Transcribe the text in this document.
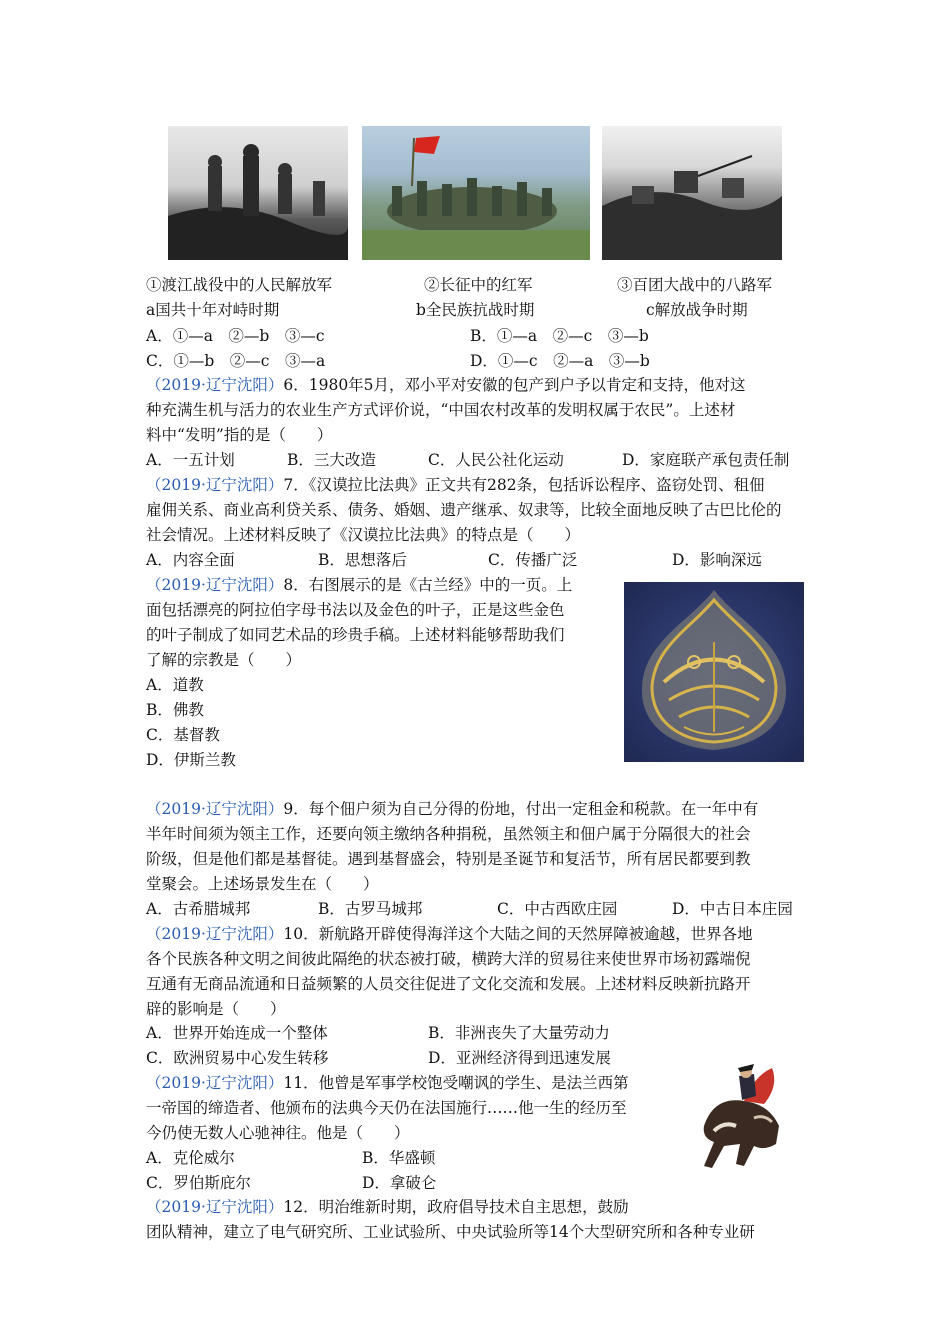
①渡江战役中的人民解放军	②长征中的红军	③百团大战中的八路军
a国共十年对峙时期	b全民族抗战时期	c解放战争时期
A．①—a　②—b　③—c	B．①—a　②—c　③—b
C．①—b　②—c　③—a	D．①—c　②—a　③—b
（2019·辽宁沈阳）6．1980年5月，邓小平对安徽的包产到户予以肯定和支持，他对这
种充满生机与活力的农业生产方式评价说，“中国农村改革的发明权属于农民”。上述材
料中“发明”指的是（　　）
A．一五计划	B．三大改造	C．人民公社化运动	D．家庭联产承包责任制
（2019·辽宁沈阳）7．《汉谟拉比法典》正文共有282条，包括诉讼程序、盗窃处罚、租佃
雇佣关系、商业高利贷关系、债务、婚姻、遗产继承、奴隶等，比较全面地反映了古巴比伦的
社会情况。上述材料反映了《汉谟拉比法典》的特点是（　　）
A．内容全面	B．思想落后	C．传播广泛	D．影响深远
（2019·辽宁沈阳）8．右图展示的是《古兰经》中的一页。上
面包括漂亮的阿拉伯字母书法以及金色的叶子，正是这些金色
的叶子制成了如同艺术品的珍贵手稿。上述材料能够帮助我们
了解的宗教是（　　）
A．道教
B．佛教
C．基督教
D．伊斯兰教
（2019·辽宁沈阳）9．每个佃户须为自己分得的份地，付出一定租金和税款。在一年中有
半年时间须为领主工作，还要向领主缴纳各种捐税，虽然领主和佃户属于分隔很大的社会
阶级，但是他们都是基督徒。遇到基督盛会，特别是圣诞节和复活节，所有居民都要到教
堂聚会。上述场景发生在（　　）
A．古希腊城邦	B．古罗马城邦	C．中古西欧庄园	D．中古日本庄园
（2019·辽宁沈阳）10．新航路开辟使得海洋这个大陆之间的天然屏障被逾越，世界各地
各个民族各种文明之间彼此隔绝的状态被打破，横跨大洋的贸易往来使世界市场初露端倪
互通有无商品流通和日益频繁的人员交往促进了文化交流和发展。上述材料反映新抗路开
辟的影响是（　　）
A．世界开始连成一个整体	B．非洲丧失了大量劳动力
C．欧洲贸易中心发生转移	D．亚洲经济得到迅速发展
（2019·辽宁沈阳）11．他曾是军事学校饱受嘲讽的学生、是法兰西第
一帝国的缔造者、他颁布的法典今天仍在法国施行……他一生的经历至
今仍使无数人心驰神往。他是（　　）
A．克伦威尔	B．华盛顿
C．罗伯斯庇尔	D．拿破仑
（2019·辽宁沈阳）12．明治维新时期，政府倡导技术自主思想，鼓励
团队精神，建立了电气研究所、工业试验所、中央试验所等14个大型研究所和各种专业研
